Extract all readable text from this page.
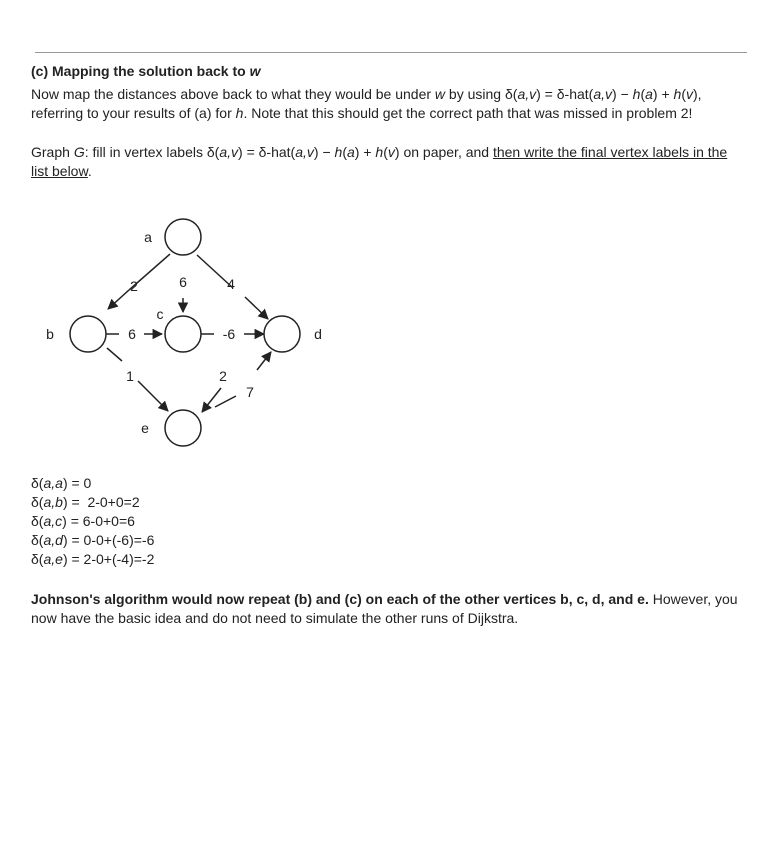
(c) Mapping the solution back to w
Now map the distances above back to what they would be under w by using δ(a,v) = δ-hat(a,v) − h(a) + h(v), referring to your results of (a) for h. Note that this should get the correct path that was missed in problem 2!
Graph G: fill in vertex labels δ(a,v) = δ-hat(a,v) − h(a) + h(v) on paper, and then write the final vertex labels in the list below.
a
b
c
d
e
2	6	4
6	-6
1	2
7
δ(a,a) = 0
δ(a,b) =  2-0+0=2
δ(a,c) = 6-0+0=6
δ(a,d) = 0-0+(-6)=-6
δ(a,e) = 2-0+(-4)=-2
Johnson's algorithm would now repeat (b) and (c) on each of the other vertices b, c, d, and e. However, you now have the basic idea and do not need to simulate the other runs of Dijkstra.
